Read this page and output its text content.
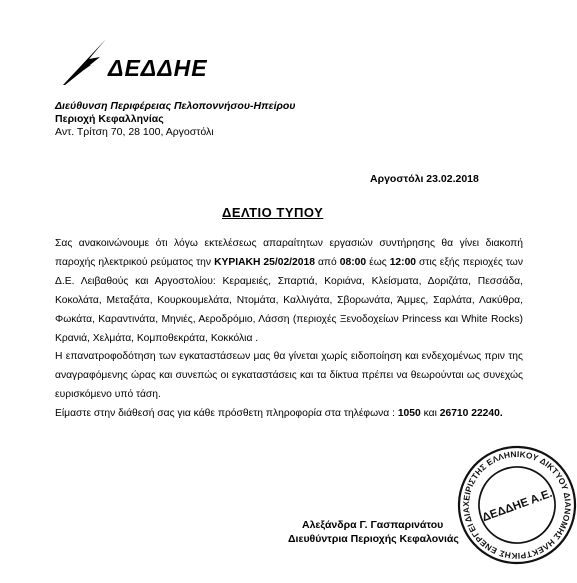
ΔΕΔΔΗΕ
Διεύθυνση Περιφέρειας Πελοποννήσου-Ηπείρου
Περιοχή Κεφαλληνίας
Αντ. Τρίτση 70, 28 100, Αργοστόλι
Αργοστόλι 23.02.2018
ΔΕΛΤΙΟ ΤΥΠΟΥ

Σας ανακοινώνουμε ότι λόγω εκτελέσεως απαραίτητων εργασιών συντήρησης θα γίνει διακοπή παροχής ηλεκτρικού ρεύματος την ΚΥΡΙΑΚΗ 25/02/2018 από 08:00 έως 12:00 στις εξής περιοχές των Δ.Ε. Λειβαθούς και Αργοστολίου: Κεραμειές, Σπαρτιά, Κοριάνα, Κλείσματα, Δοριζάτα, Πεσσάδα, Κοκολάτα, Μεταξάτα, Κουρκουμελάτα, Ντομάτα, Καλλιγάτα, Σβορωνάτα, Άμμες, Σαρλάτα, Λακύθρα, Φωκάτα, Καραντινάτα, Μηνιές, Αεροδρόμιο, Λάσση (περιοχές Ξενοδοχείων Princess και White Rocks) Κρανιά, Χελμάτα, Κομποθεκράτα, Κοκκόλια .

Η επανατροφοδότηση των εγκαταστάσεων μας θα γίνεται χωρίς ειδοποίηση και ενδεχομένως πριν της αναγραφόμενης ώρας και συνεπώς οι εγκαταστάσεις και τα δίκτυα πρέπει να θεωρούνται ως συνεχώς ευρισκόμενο υπό τάση.

Είμαστε στην διάθεσή σας για κάθε πρόσθετη πληροφορία στα τηλέφωνα : 1050 και 26710 22240.

Αλεξάνδρα Γ. Γασπαρινάτου
Διευθύντρια Περιοχής Κεφαλονιάς
ΔΙΑΧΕΙΡΙΣΤΗΣ ΕΛΛΗΝΙΚΟΥ ΔΙΚΤΥΟΥ ΔΙΑΝΟΜΗΣ ΗΛΕΚΤΡΙΚΗΣ ΕΝΕΡΓΕΙΑΣ
ΔΕΔΔΗΕ Α.Ε.
